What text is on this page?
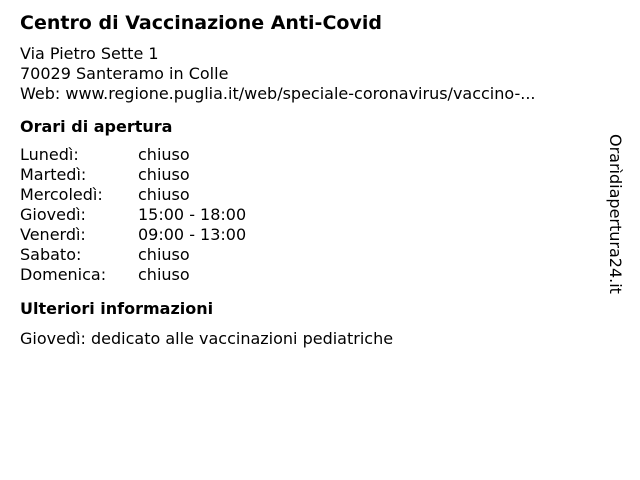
Centro di Vaccinazione Anti-Covid
Via Pietro Sette 1
70029 Santeramo in Colle
Web: www.regione.puglia.it/web/speciale-coronavirus/vaccino-...
Orari di apertura
Lunedì:	chiuso
Martedì:	chiuso
Mercoledì:	chiuso
Giovedì:	15:00 - 18:00
Venerdì:	09:00 - 13:00
Sabato:	chiuso
Domenica:	chiuso
Ulteriori informazioni
Giovedì: dedicato alle vaccinazioni pediatriche
Orarìdiapertura24.it
